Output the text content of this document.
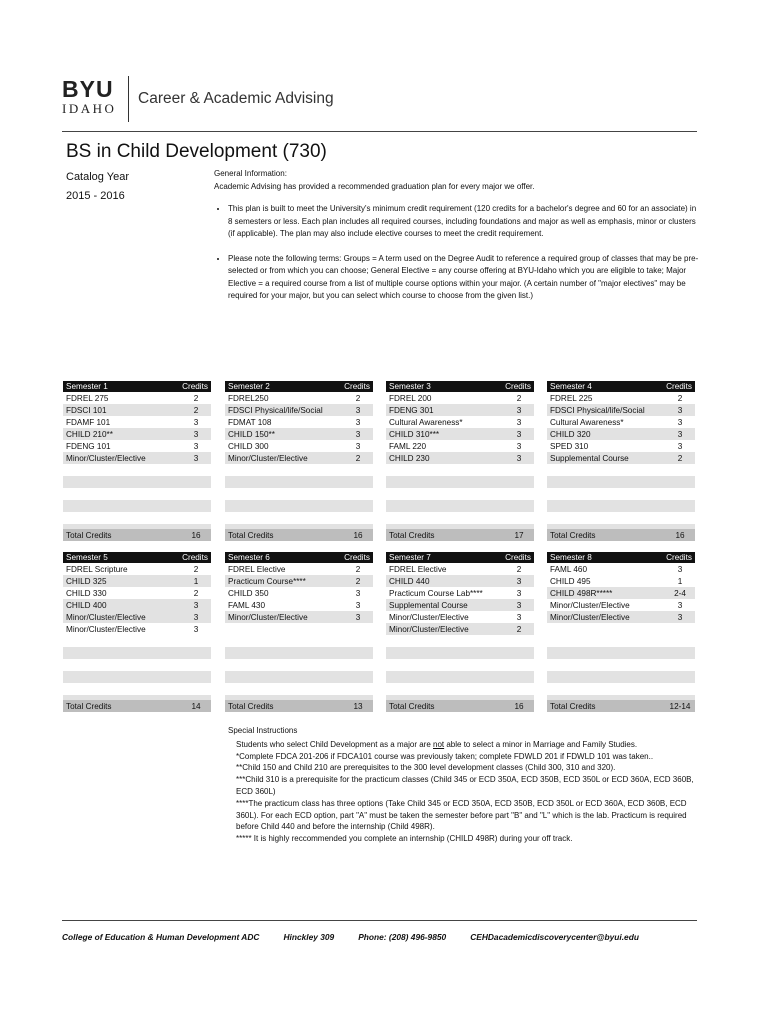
BYU
IDAHO
Career & Academic Advising
BS in Child Development (730)
Catalog Year
2015 - 2016

General Information:

Academic Advising has provided a recommended graduation plan for every major we offer.

• This plan is built to meet the University's minimum credit requirement (120 credits for a bachelor's degree and 60 for an associate) in 8 semesters or less. Each plan includes all required courses, including foundations and major as well as emphasis, minor or clusters (if applicable). The plan may also include elective courses to meet the credit requirement.
• Please note the following terms: Groups = A term used on the Degree Audit to reference a required group of classes that may be pre-selected or from which you can choose; General Elective = any course offering at BYU-Idaho which you are eligible to take; Major Elective = a required course from a list of multiple course options within your major. (A certain number of "major electives" may be required for your major, but you can select which course to choose from the given list.)
Semester 1	Credits
FDREL 275	2
FDSCI 101	2
FDAMF 101	3
CHILD 210**	3
FDENG 101	3
Minor/Cluster/Elective	3
Total Credits	16
Semester 2	Credits
FDREL250	2
FDSCI Physical/life/Social	3
FDMAT 108	3
CHILD 150**	3
CHILD 300	3
Minor/Cluster/Elective	2
Total Credits	16
Semester 3	Credits
FDREL 200	2
FDENG 301	3
Cultural Awareness*	3
CHILD 310***	3
FAML 220	3
CHILD 230	3
Total Credits	17
Semester 4	Credits
FDREL 225	2
FDSCI Physical/life/Social	3
Cultural Awareness*	3
CHILD 320	3
SPED 310	3
Supplemental Course	2
Total Credits	16
Semester 5	Credits
FDREL Scripture	2
CHILD 325	1
CHILD 330	2
CHILD 400	3
Minor/Cluster/Elective	3
Minor/Cluster/Elective	3
Total Credits	14
Semester 6	Credits
FDREL Elective	2
Practicum Course****	2
CHILD 350	3
FAML 430	3
Minor/Cluster/Elective	3
Total Credits	13
Semester 7	Credits
FDREL Elective	2
CHILD 440	3
Practicum Course Lab****	3
Supplemental Course	3
Minor/Cluster/Elective	3
Minor/Cluster/Elective	2
Total Credits	16
Semester 8	Credits
FAML 460	3
CHILD 495	1
CHILD 498R*****	2-4
Minor/Cluster/Elective	3
Minor/Cluster/Elective	3
Total Credits	12-14
Special Instructions
Students who select Child Development as a major are not able to select a minor in Marriage and Family Studies.
*Complete FDCA 201-206 if FDCA101 course was previously taken; complete FDWLD 201 if FDWLD 101 was taken..
**Child 150 and Child 210 are prerequisites to the 300 level development classes (Child 300, 310 and 320).
***Child 310 is a prerequisite for the practicum classes (Child 345 or ECD 350A, ECD 350B, ECD 350L or ECD 360A, ECD 360B, ECD 360L)
****The practicum class has three options (Take Child 345 or ECD 350A, ECD 350B, ECD 350L or ECD 360A, ECD 360B, ECD 360L). For each ECD option, part "A" must be taken the semester before part "B" and "L" which is the lab. Practicum is required before Child 440 and before the internship (Child 498R).
***** It is highly reccommended you complete an internship (CHILD 498R) during your off track.
College of Education & Human Development ADC	Hinckley 309	Phone: (208) 496-9850	CEHDacademicdiscoverycenter@byui.edu
